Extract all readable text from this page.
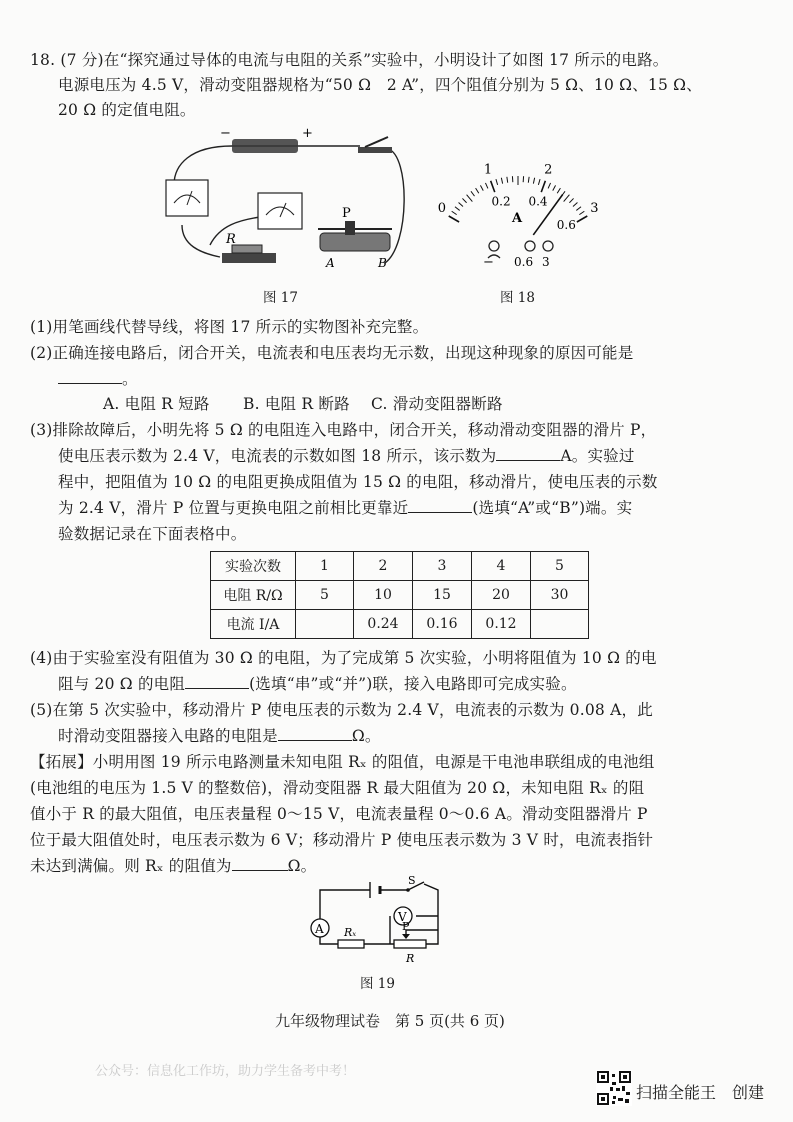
18. (7 分)在“探究通过导体的电流与电阻的关系”实验中，小明设计了如图 17 所示的电路。
电源电压为 4.5 V，滑动变阻器规格为“50 Ω　2 A”，四个阻值分别为 5 Ω、10 Ω、15 Ω、
20 Ω 的定值电阻。
−	+
R
P
A	B
图 17
0
1	2
3
0.2 0.4
0.6
A
− 0.6 3
图 18
(1)用笔画线代替导线，将图 17 所示的实物图补充完整。
(2)正确连接电路后，闭合开关，电流表和电压表均无示数，出现这种现象的原因可能是
。
A. 电阻 R 短路 B. 电阻 R 断路 C. 滑动变阻器断路
(3)排除故障后，小明先将 5 Ω 的电阻连入电路中，闭合开关，移动滑动变阻器的滑片 P，
使电压表示数为 2.4 V，电流表的示数如图 18 所示，该示数为	A。实验过
程中，把阻值为 10 Ω 的电阻更换成阻值为 15 Ω 的电阻，移动滑片，使电压表的示数
为 2.4 V，滑片 P 位置与更换电阻之前相比更靠近	(选填“A”或“B”)端。实
验数据记录在下面表格中。
实验次数	1	2	3	4	5
电阻 R/Ω	5	10	15	20	30
电流 I/A		0.24	0.16	0.12	
(4)由于实验室没有阻值为 30 Ω 的电阻，为了完成第 5 次实验，小明将阻值为 10 Ω 的电
阻与 20 Ω 的电阻	(选填“串”或“并”)联，接入电路即可完成实验。
(5)在第 5 次实验中，移动滑片 P 使电压表的示数为 2.4 V，电流表的示数为 0.08 A，此
时滑动变阻器接入电路的电阻是	Ω。
【拓展】小明用图 19 所示电路测量未知电阻 Rₓ 的阻值，电源是干电池串联组成的电池组
(电池组的电压为 1.5 V 的整数倍)，滑动变阻器 R 最大阻值为 20 Ω，未知电阻 Rₓ 的阻
值小于 R 的最大阻值，电压表量程 0～15 V，电流表量程 0～0.6 A。滑动变阻器滑片 P
位于最大阻值处时，电压表示数为 6 V；移动滑片 P 使电压表示数为 3 V 时，电流表指针
未达到满偏。则 Rₓ 的阻值为	Ω。
S
A
V
Rₓ	P
R
图 19
九年级物理试卷　第 5 页(共 6 页)
公众号：信息化工作坊，助力学生备考中考！
扫描全能王　创建
